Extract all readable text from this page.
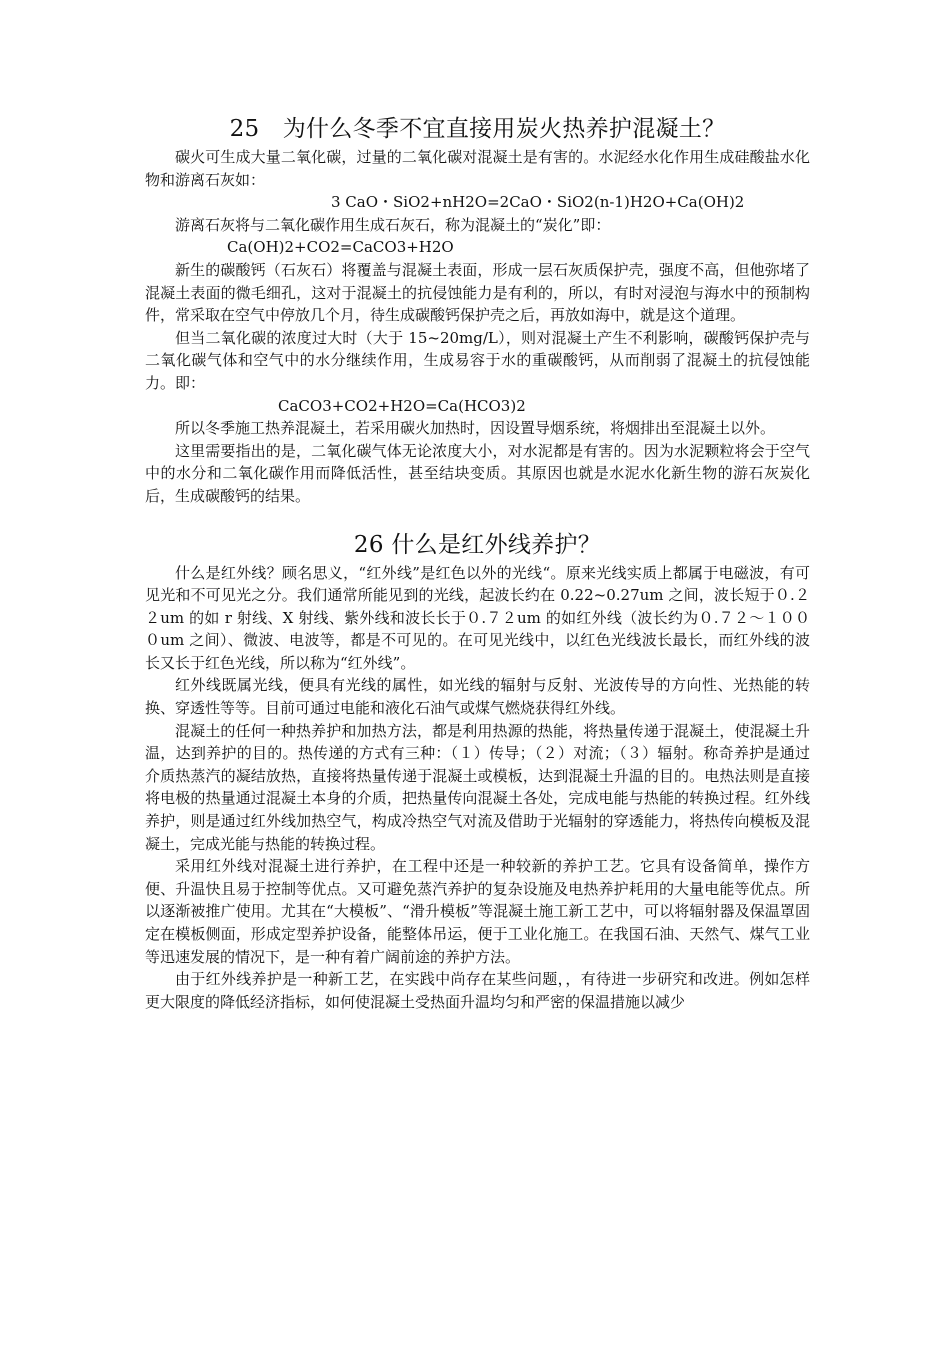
25　为什么冬季不宜直接用炭火热养护混凝土？

碳火可生成大量二氧化碳，过量的二氧化碳对混凝土是有害的。水泥经水化作用生成硅酸盐水化物和游离石灰如：

3 CaO・SiO2+nH2O=2CaO・SiO2(n-1)H2O+Ca(OH)2

游离石灰将与二氧化碳作用生成石灰石，称为混凝土的“炭化”即：

Ca(OH)2+CO2=CaCO3+H2O

新生的碳酸钙（石灰石）将覆盖与混凝土表面，形成一层石灰质保护壳，强度不高，但他弥堵了混凝土表面的微毛细孔，这对于混凝土的抗侵蚀能力是有利的，所以，有时对浸泡与海水中的预制构件，常采取在空气中停放几个月，待生成碳酸钙保护壳之后，再放如海中，就是这个道理。

但当二氧化碳的浓度过大时（大于 15~20mg/L），则对混凝土产生不利影响，碳酸钙保护壳与二氧化碳气体和空气中的水分继续作用，生成易容于水的重碳酸钙，从而削弱了混凝土的抗侵蚀能力。即：

CaCO3+CO2+H2O=Ca(HCO3)2

所以冬季施工热养混凝土，若采用碳火加热时，因设置导烟系统，将烟排出至混凝土以外。

这里需要指出的是，二氧化碳气体无论浓度大小，对水泥都是有害的。因为水泥颗粒将会于空气中的水分和二氧化碳作用而降低活性，甚至结块变质。其原因也就是水泥水化新生物的游石灰炭化后，生成碳酸钙的结果。

26 什么是红外线养护？

什么是红外线？顾名思义，“红外线”是红色以外的光线“。原来光线实质上都属于电磁波，有可见光和不可见光之分。我们通常所能见到的光线，起波长约在 0.22~0.27um 之间，波长短于０.２２um 的如 r 射线、X 射线、紫外线和波长长于０.７２um 的如红外线（波长约为０.７２～１０００um 之间）、微波、电波等，都是不可见的。在可见光线中，以红色光线波长最长，而红外线的波长又长于红色光线，所以称为“红外线”。

红外线既属光线，便具有光线的属性，如光线的辐射与反射、光波传导的方向性、光热能的转换、穿透性等等。目前可通过电能和液化石油气或煤气燃烧获得红外线。

混凝土的任何一种热养护和加热方法，都是利用热源的热能，将热量传递于混凝土，使混凝土升温，达到养护的目的。热传递的方式有三种：（１）传导；（２）对流；（３）辐射。称奇养护是通过介质热蒸汽的凝结放热，直接将热量传递于混凝土或模板，达到混凝土升温的目的。电热法则是直接将电极的热量通过混凝土本身的介质，把热量传向混凝土各处，完成电能与热能的转换过程。红外线养护，则是通过红外线加热空气，构成冷热空气对流及借助于光辐射的穿透能力，将热传向模板及混凝土，完成光能与热能的转换过程。

采用红外线对混凝土进行养护，在工程中还是一种较新的养护工艺。它具有设备简单，操作方便、升温快且易于控制等优点。又可避免蒸汽养护的复杂设施及电热养护耗用的大量电能等优点。所以逐渐被推广使用。尤其在“大模板”、“滑升模板”等混凝土施工新工艺中，可以将辐射器及保温罩固定在模板侧面，形成定型养护设备，能整体吊运，便于工业化施工。在我国石油、天然气、煤气工业等迅速发展的情况下，是一种有着广阔前途的养护方法。

由于红外线养护是一种新工艺，在实践中尚存在某些问题，，有待进一步研究和改进。例如怎样更大限度的降低经济指标，如何使混凝土受热面升温均匀和严密的保温措施以减少
